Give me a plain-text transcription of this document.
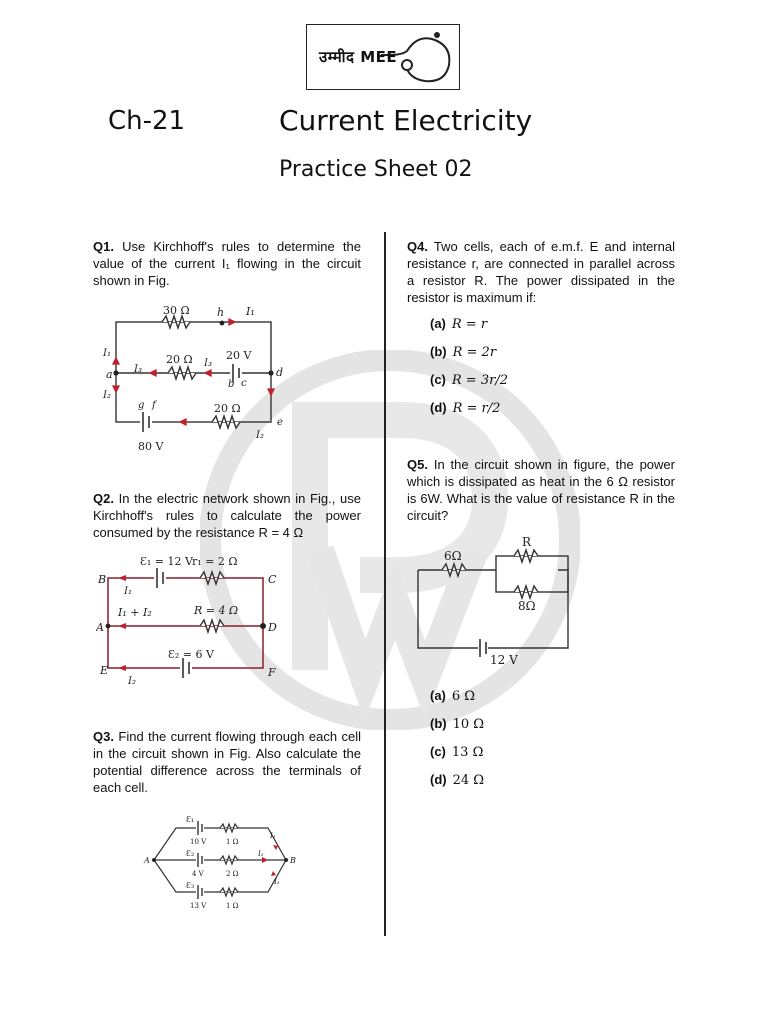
उम्मीद MEE
Ch-21	Current Electricity
Practice Sheet 02
Q1. Use Kirchhoff's rules to determine the value of the current I₁ flowing in the circuit shown in Fig.
30 Ω h I₁
20 Ω I₃
I₃
20 V
b c
a	d
I₁
I₂
g f	20 Ω
e
I₂
80 V
Q2. In the electric network shown in Fig., use Kirchhoff's rules to calculate the power consumed by the resistance R = 4 Ω
Ɛ₁ = 12 V r₁ = 2 Ω
B	C
I₁
I₁ + I₂	R = 4 Ω
A	D
Ɛ₂ = 6 V
E	F
I₂
Q3. Find the current flowing through each cell in the circuit shown in Fig. Also calculate the potential difference across the terminals of each cell.
Ɛ₁
10 V	1 Ω
Ɛ₂
4 V	2 Ω
Ɛ₃
13 V	1 Ω
A	B
I₁
I₂
I₃
Q4. Two cells, each of e.m.f. E and internal resistance r, are connected in parallel across a resistor R. The power dissipated in the resistor is maximum if:
(a) R = r
(b) R = 2r
(c) R = 3r/2
(d) R = r/2
Q5. In the circuit shown in figure, the power which is dissipated as heat in the 6 Ω resistor is 6W. What is the value of resistance R in the circuit?
6Ω
R
8Ω
12 V
(a) 6 Ω
(b) 10 Ω
(c) 13 Ω
(d) 24 Ω
